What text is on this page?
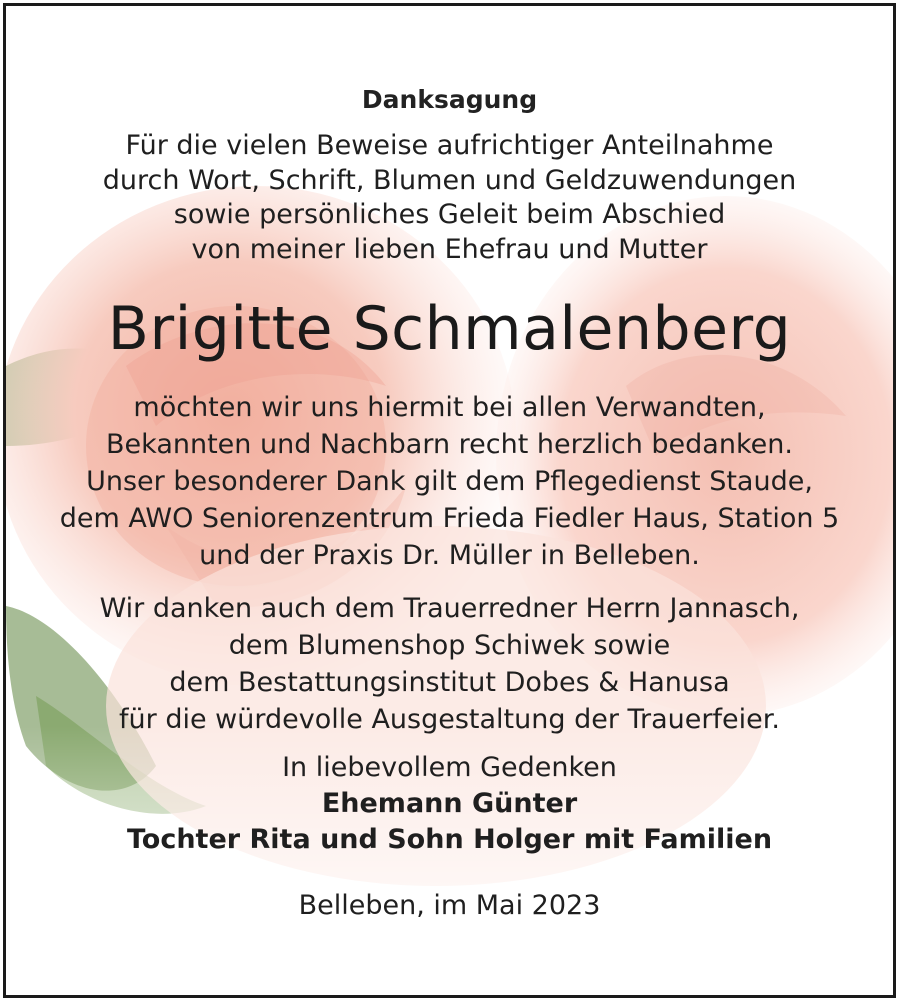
Danksagung
Für die vielen Beweise aufrichtiger Anteilnahme
durch Wort, Schrift, Blumen und Geldzuwendungen
sowie persönliches Geleit beim Abschied
von meiner lieben Ehefrau und Mutter
Brigitte Schmalenberg
möchten wir uns hiermit bei allen Verwandten,
Bekannten und Nachbarn recht herzlich bedanken.
Unser besonderer Dank gilt dem Pflegedienst Staude,
dem AWO Seniorenzentrum Frieda Fiedler Haus, Station 5
und der Praxis Dr. Müller in Belleben.
Wir danken auch dem Trauerredner Herrn Jannasch,
dem Blumenshop Schiwek sowie
dem Bestattungsinstitut Dobes & Hanusa
für die würdevolle Ausgestaltung der Trauerfeier.
In liebevollem Gedenken
Ehemann Günter
Tochter Rita und Sohn Holger mit Familien
Belleben, im Mai 2023
